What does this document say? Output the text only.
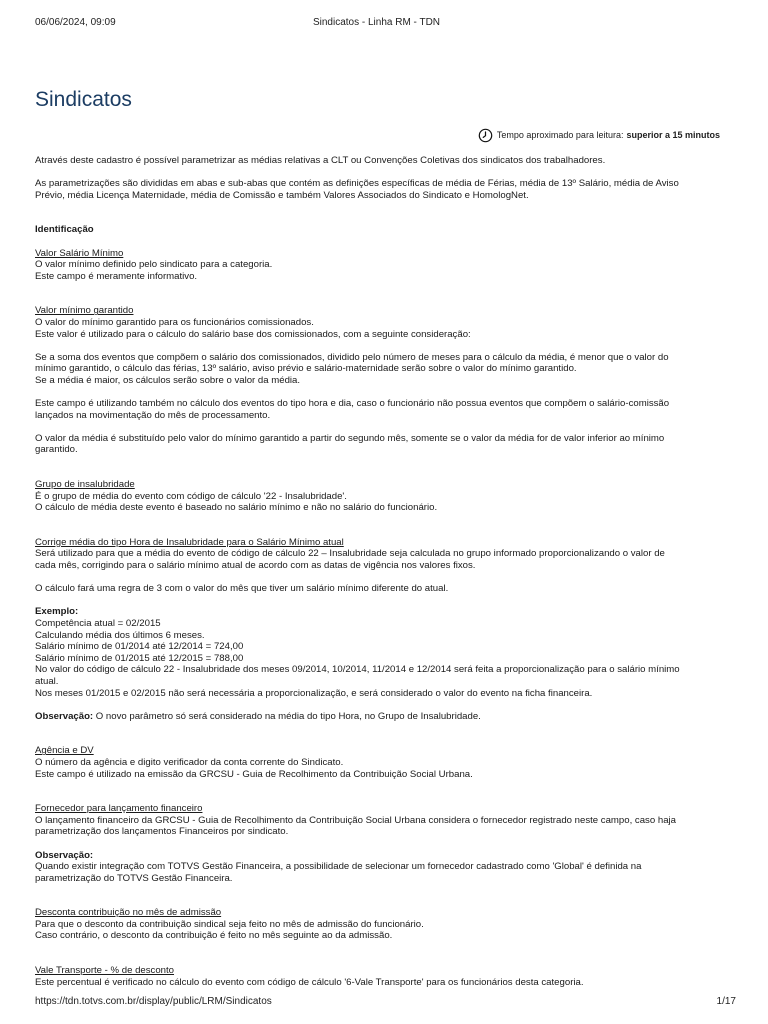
06/06/2024, 09:09	Sindicatos - Linha RM - TDN
Sindicatos
Tempo aproximado para leitura: superior a 15 minutos

Através deste cadastro é possível parametrizar as médias relativas a CLT ou Convenções Coletivas dos sindicatos dos trabalhadores.

As parametrizações são divididas em abas e sub-abas que contém as definições específicas de média de Férias, média de 13º Salário, média de Aviso

Prévio, média Licença Maternidade, média de Comissão e também Valores Associados do Sindicato e HomologNet.

Identificação

Valor Salário Mínimo

O valor mínimo definido pelo sindicato para a categoria.

Este campo é meramente informativo.

Valor mínimo garantido

O valor do mínimo garantido para os funcionários comissionados.

Este valor é utilizado para o cálculo do salário base dos comissionados, com a seguinte consideração:

Se a soma dos eventos que compõem o salário dos comissionados, dividido pelo número de meses para o cálculo da média, é menor que o valor do

mínimo garantido, o cálculo das férias, 13º salário, aviso prévio e salário-maternidade serão sobre o valor do mínimo garantido.

Se a média é maior, os cálculos serão sobre o valor da média.

Este campo é utilizando também no cálculo dos eventos do tipo hora e dia, caso o funcionário não possua eventos que compõem o salário-comissão

lançados na movimentação do mês de processamento.

O valor da média é substituído pelo valor do mínimo garantido a partir do segundo mês, somente se o valor da média for de valor inferior ao mínimo

garantido.

Grupo de insalubridade

É o grupo de média do evento com código de cálculo '22 - Insalubridade'.

O cálculo de média deste evento é baseado no salário mínimo e não no salário do funcionário.

Corrige média do tipo Hora de Insalubridade para o Salário Mínimo atual

Será utilizado para que a média do evento de código de cálculo 22 – Insalubridade seja calculada no grupo informado proporcionalizando o valor de

cada mês, corrigindo para o salário mínimo atual de acordo com as datas de vigência nos valores fixos.

O cálculo fará uma regra de 3 com o valor do mês que tiver um salário mínimo diferente do atual.

Exemplo:

Competência atual = 02/2015

Calculando média dos últimos 6 meses.

Salário mínimo de 01/2014 até 12/2014 = 724,00

Salário mínimo de 01/2015 até 12/2015 = 788,00

No valor do código de cálculo 22 - Insalubridade dos meses 09/2014, 10/2014, 11/2014 e 12/2014 será feita a proporcionalização para o salário mínimo

atual.

Nos meses 01/2015 e 02/2015 não será necessária a proporcionalização, e será considerado o valor do evento na ficha financeira.

Observação: O novo parâmetro só será considerado na média do tipo Hora, no Grupo de Insalubridade.

Agência e DV

O número da agência e digito verificador da conta corrente do Sindicato.

Este campo é utilizado na emissão da GRCSU - Guia de Recolhimento da Contribuição Social Urbana.

Fornecedor para lançamento financeiro

O lançamento financeiro da GRCSU - Guia de Recolhimento da Contribuição Social Urbana considera o fornecedor registrado neste campo, caso haja

parametrização dos lançamentos Financeiros por sindicato.

Observação:

Quando existir integração com TOTVS Gestão Financeira, a possibilidade de selecionar um fornecedor cadastrado como 'Global' é definida na

parametrização do TOTVS Gestão Financeira.

Desconta contribuição no mês de admissão

Para que o desconto da contribuição sindical seja feito no mês de admissão do funcionário.

Caso contrário, o desconto da contribuição é feito no mês seguinte ao da admissão.

Vale Transporte - % de desconto

Este percentual é verificado no cálculo do evento com código de cálculo '6-Vale Transporte' para os funcionários desta categoria.

https://tdn.totvs.com.br/display/public/LRM/Sindicatos	1/17
